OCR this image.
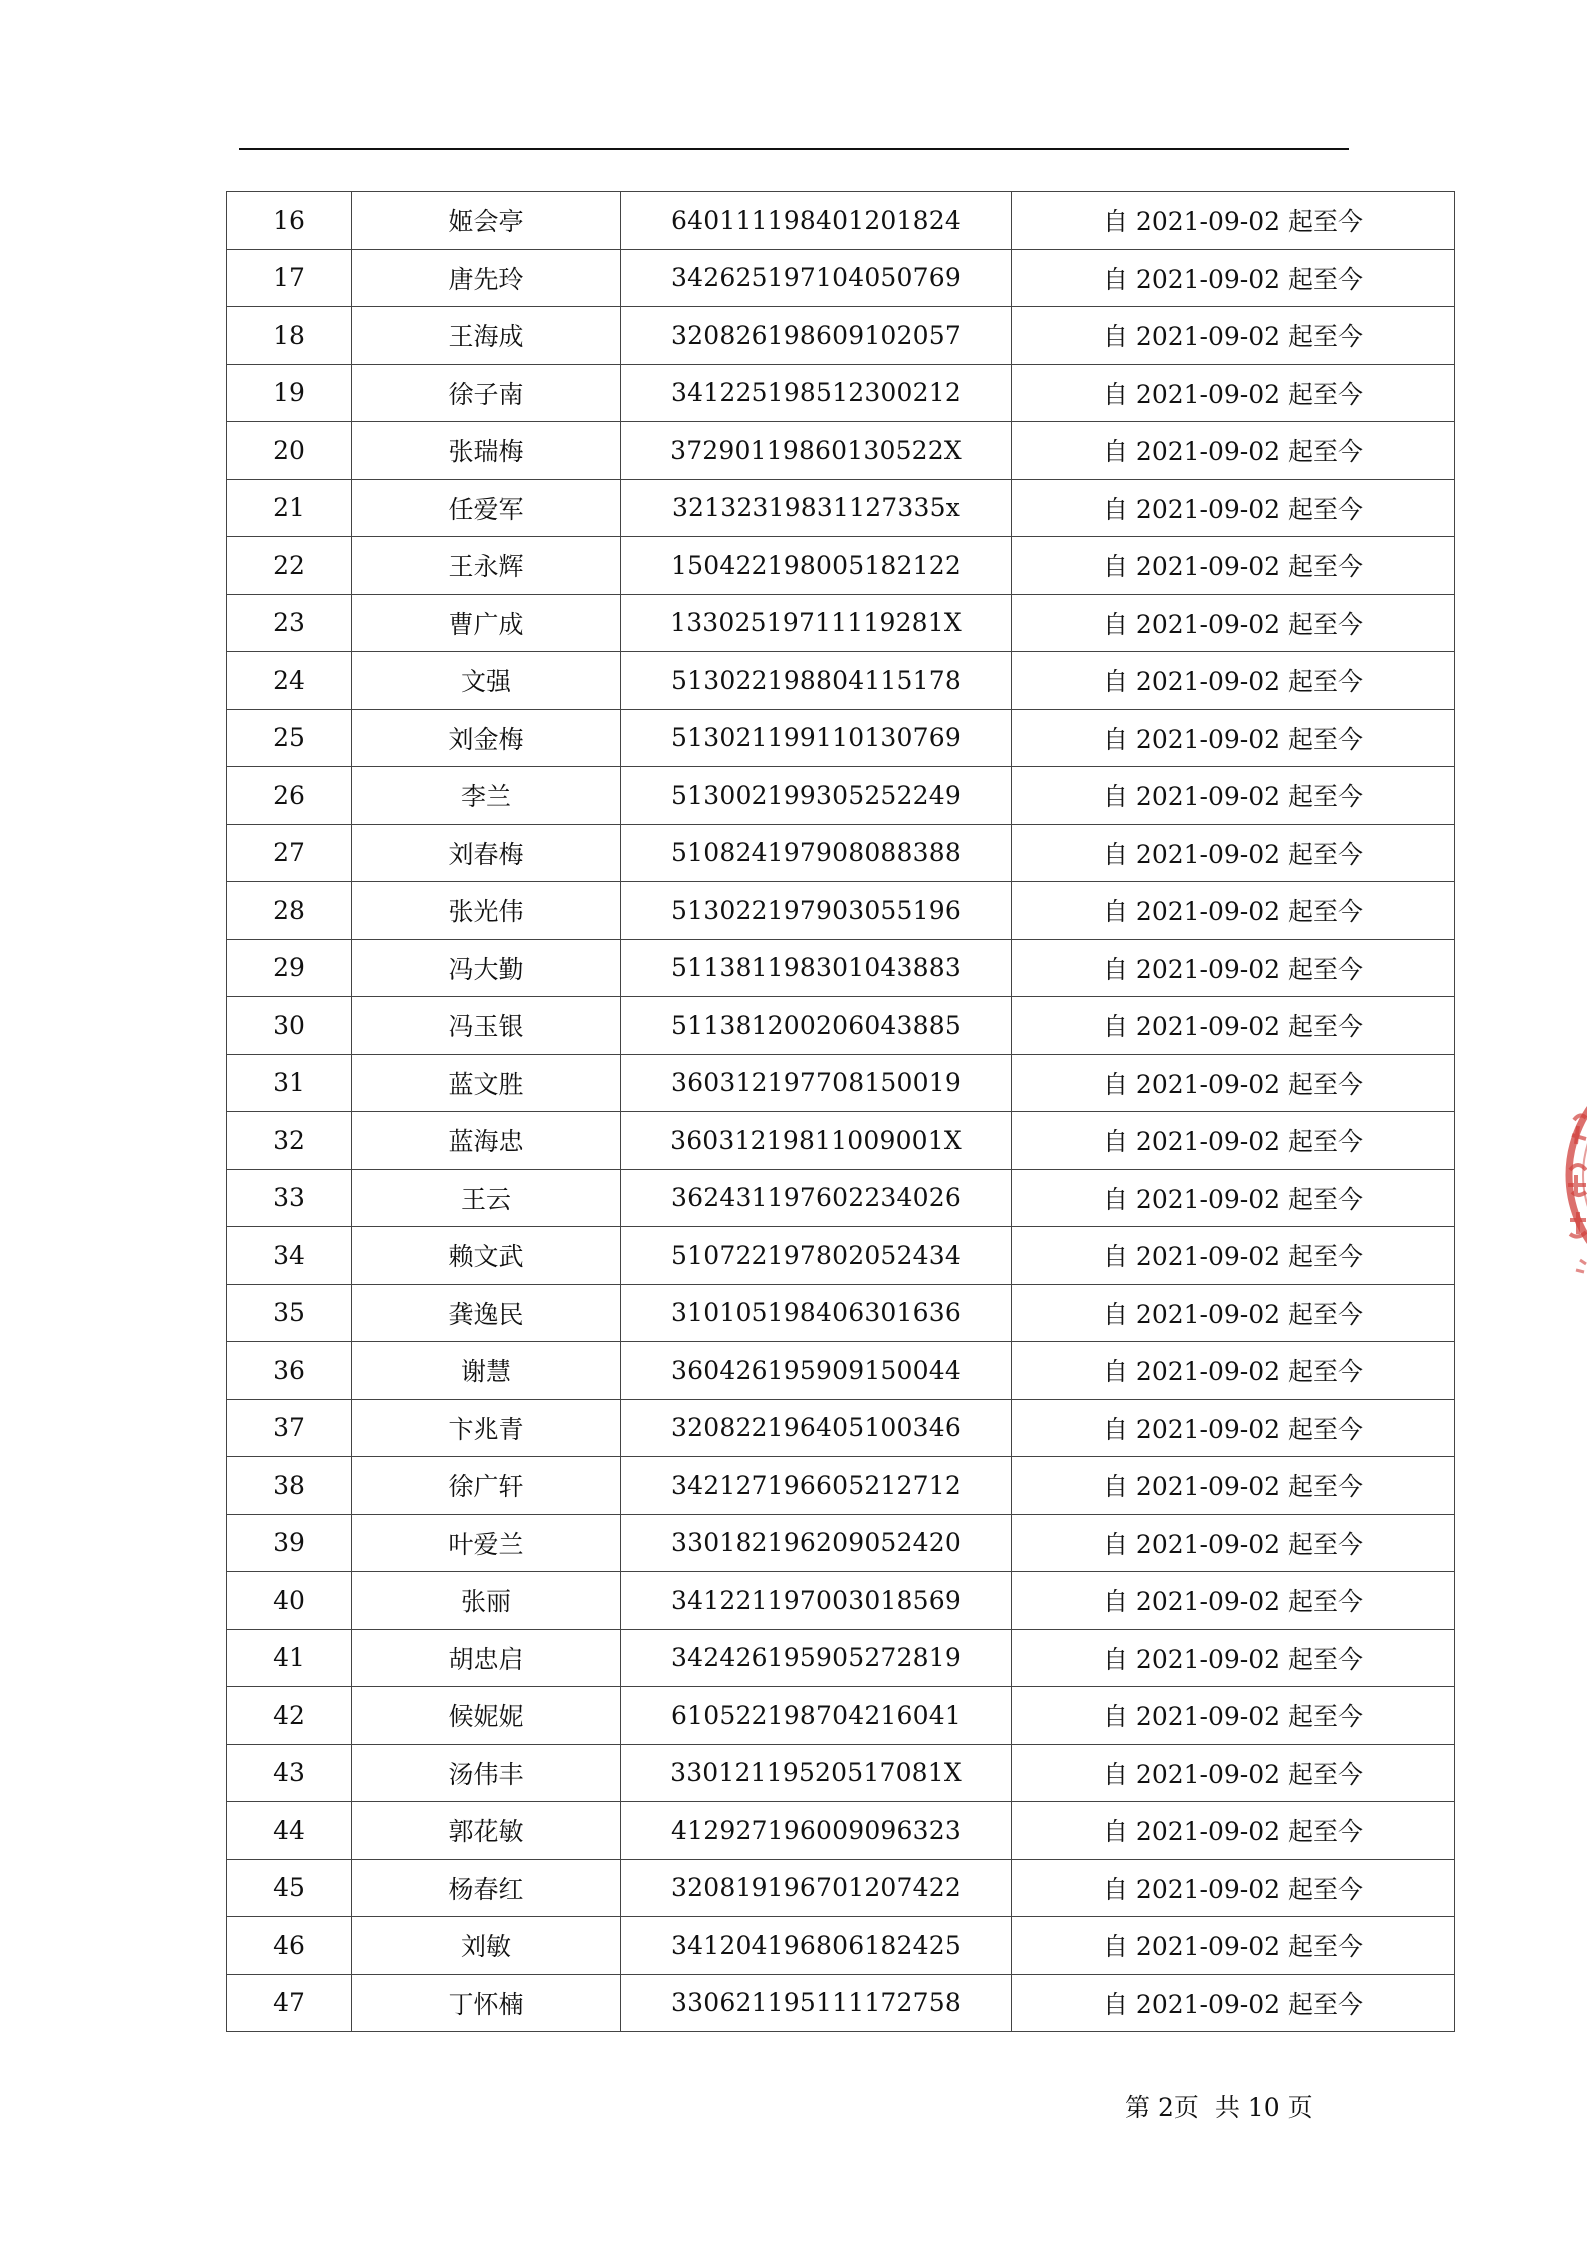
16	姬会亭	640111198401201824	自 2021-09-02 起至今
17	唐先玲	342625197104050769	自 2021-09-02 起至今
18	王海成	320826198609102057	自 2021-09-02 起至今
19	徐子南	341225198512300212	自 2021-09-02 起至今
20	张瑞梅	37290119860130522X	自 2021-09-02 起至今
21	任爱军	32132319831127335x	自 2021-09-02 起至今
22	王永辉	150422198005182122	自 2021-09-02 起至今
23	曹广成	13302519711119281X	自 2021-09-02 起至今
24	文强	513022198804115178	自 2021-09-02 起至今
25	刘金梅	513021199110130769	自 2021-09-02 起至今
26	李兰	513002199305252249	自 2021-09-02 起至今
27	刘春梅	510824197908088388	自 2021-09-02 起至今
28	张光伟	513022197903055196	自 2021-09-02 起至今
29	冯大勤	511381198301043883	自 2021-09-02 起至今
30	冯玉银	511381200206043885	自 2021-09-02 起至今
31	蓝文胜	360312197708150019	自 2021-09-02 起至今
32	蓝海忠	36031219811009001X	自 2021-09-02 起至今
33	王云	362431197602234026	自 2021-09-02 起至今
34	赖文武	510722197802052434	自 2021-09-02 起至今
35	龚逸民	310105198406301636	自 2021-09-02 起至今
36	谢慧	360426195909150044	自 2021-09-02 起至今
37	卞兆青	320822196405100346	自 2021-09-02 起至今
38	徐广轩	342127196605212712	自 2021-09-02 起至今
39	叶爱兰	330182196209052420	自 2021-09-02 起至今
40	张丽	341221197003018569	自 2021-09-02 起至今
41	胡忠启	342426195905272819	自 2021-09-02 起至今
42	候妮妮	610522198704216041	自 2021-09-02 起至今
43	汤伟丰	33012119520517081X	自 2021-09-02 起至今
44	郭花敏	412927196009096323	自 2021-09-02 起至今
45	杨春红	320819196701207422	自 2021-09-02 起至今
46	刘敏	341204196806182425	自 2021-09-02 起至今
47	丁怀楠	330621195111172758	自 2021-09-02 起至今
第 2页 共 10 页
